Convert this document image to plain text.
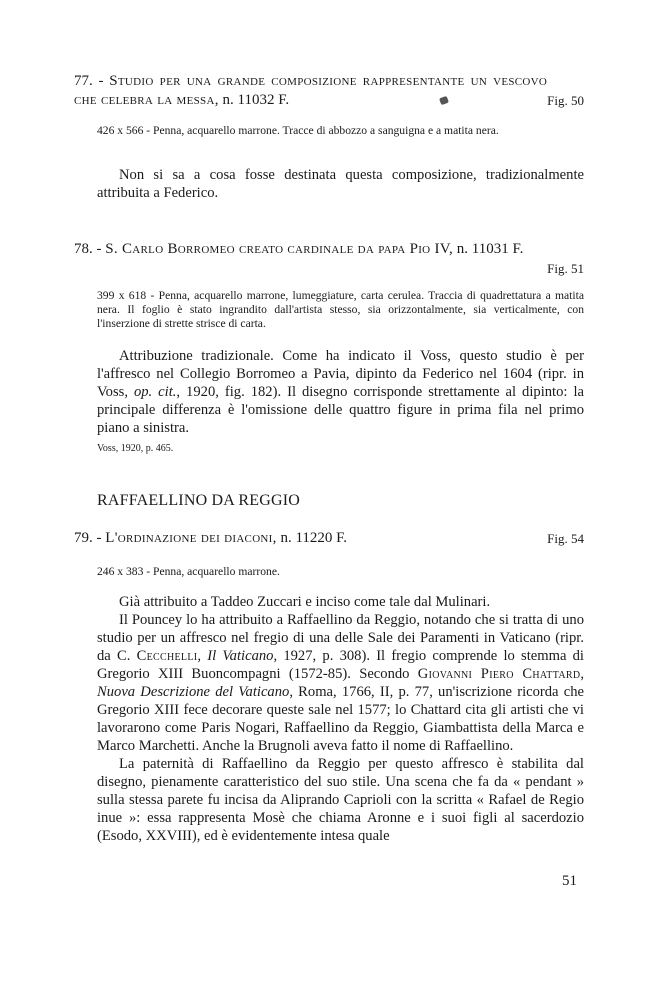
Fig. 50
77. - Studio per una grande composizione rappresentante un vescovo che celebra la messa, n. 11032 F.
426 x 566 - Penna, acquarello marrone. Tracce di abbozzo a sanguigna e a matita nera.

Non si sa a cosa fosse destinata questa composizione, tradizionalmente attribuita a Federico.

Fig. 51
78. - S. Carlo Borromeo creato cardinale da papa Pio IV, n. 11031 F.
399 x 618 - Penna, acquarello marrone, lumeggiature, carta cerulea. Traccia di quadrettatura a matita nera. Il foglio è stato ingrandito dall'artista stesso, sia orizzontalmente, sia verticalmente, con l'inserzione di strette strisce di carta.

Attribuzione tradizionale. Come ha indicato il Voss, questo studio è per l'affresco nel Collegio Borromeo a Pavia, dipinto da Federico nel 1604 (ripr. in Voss, op. cit., 1920, fig. 182). Il disegno corrisponde strettamente al dipinto: la principale differenza è l'omissione delle quattro figure in prima fila nel primo piano a sinistra.

Voss, 1920, p. 465.
RAFFAELLINO DA REGGIO
Fig. 54
79. - L'ordinazione dei diaconi, n. 11220 F.
246 x 383 - Penna, acquarello marrone.

Già attribuito a Taddeo Zuccari e inciso come tale dal Mulinari.

Il Pouncey lo ha attribuito a Raffaellino da Reggio, notando che si tratta di uno studio per un affresco nel fregio di una delle Sale dei Paramenti in Vaticano (ripr. da C. Cecchelli, Il Vaticano, 1927, p. 308). Il fregio comprende lo stemma di Gregorio XIII Buoncompagni (1572-85). Secondo Giovanni Piero Chattard, Nuova Descrizione del Vaticano, Roma, 1766, II, p. 77, un'iscrizione ricorda che Gregorio XIII fece decorare queste sale nel 1577; lo Chattard cita gli artisti che vi lavorarono come Paris Nogari, Raffaellino da Reggio, Giambattista della Marca e Marco Marchetti. Anche la Brugnoli aveva fatto il nome di Raffaellino.

La paternità di Raffaellino da Reggio per questo affresco è stabilita dal disegno, pienamente caratteristico del suo stile. Una scena che fa da « pendant » sulla stessa parete fu incisa da Aliprando Caprioli con la scritta « Rafael de Regio inue »: essa rappresenta Mosè che chiama Aronne e i suoi figli al sacerdozio (Esodo, XXVIII), ed è evidentemente intesa quale

51
